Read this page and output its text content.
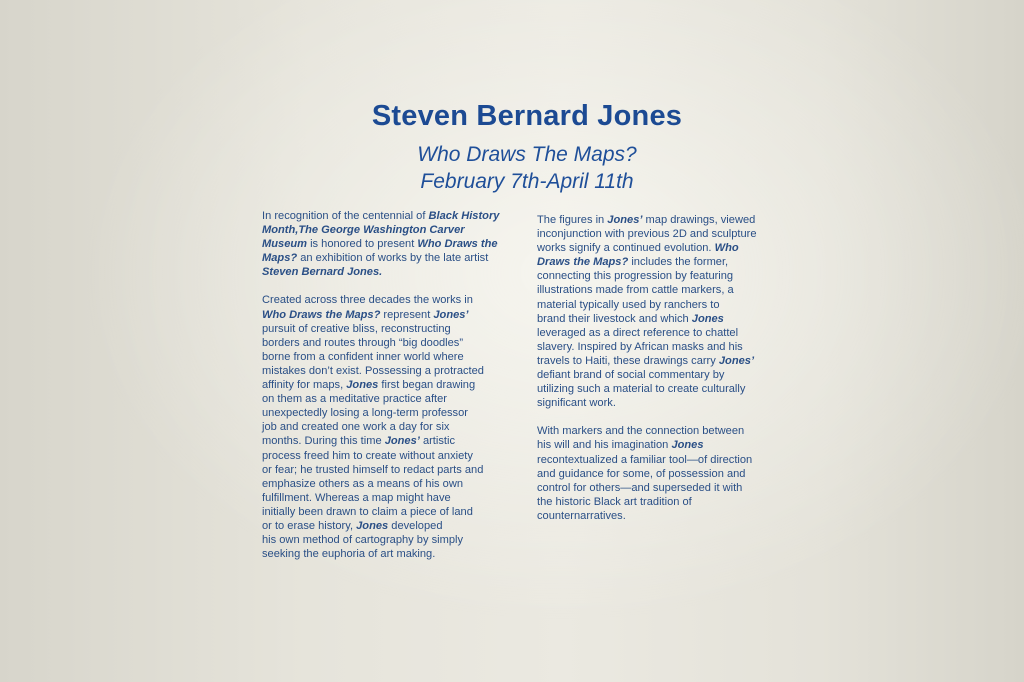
Steven Bernard Jones
Who Draws The Maps?
February 7th-April 11th

In recognition of the centennial of Black History
Month,The George Washington Carver
Museum is honored to present Who Draws the
Maps? an exhibition of works by the late artist
Steven Bernard Jones.

Created across three decades the works in
Who Draws the Maps? represent Jones’
pursuit of creative bliss, reconstructing
borders and routes through “big doodles”
borne from a confident inner world where
mistakes don’t exist. Possessing a protracted
affinity for maps, Jones first began drawing
on them as a meditative practice after
unexpectedly losing a long-term professor
job and created one work a day for six
months. During this time Jones’ artistic
process freed him to create without anxiety
or fear; he trusted himself to redact parts and
emphasize others as a means of his own
fulfillment. Whereas a map might have
initially been drawn to claim a piece of land
or to erase history, Jones developed
his own method of cartography by simply
seeking the euphoria of art making.

The figures in Jones’ map drawings, viewed
inconjunction with previous 2D and sculpture
works signify a continued evolution. Who
Draws the Maps? includes the former,
connecting this progression by featuring
illustrations made from cattle markers, a
material typically used by ranchers to
brand their livestock and which Jones
leveraged as a direct reference to chattel
slavery. Inspired by African masks and his
travels to Haiti, these drawings carry Jones’
defiant brand of social commentary by
utilizing such a material to create culturally
significant work.

With markers and the connection between
his will and his imagination Jones
recontextualized a familiar tool—of direction
and guidance for some, of possession and
control for others—and superseded it with
the historic Black art tradition of
counternarratives.
